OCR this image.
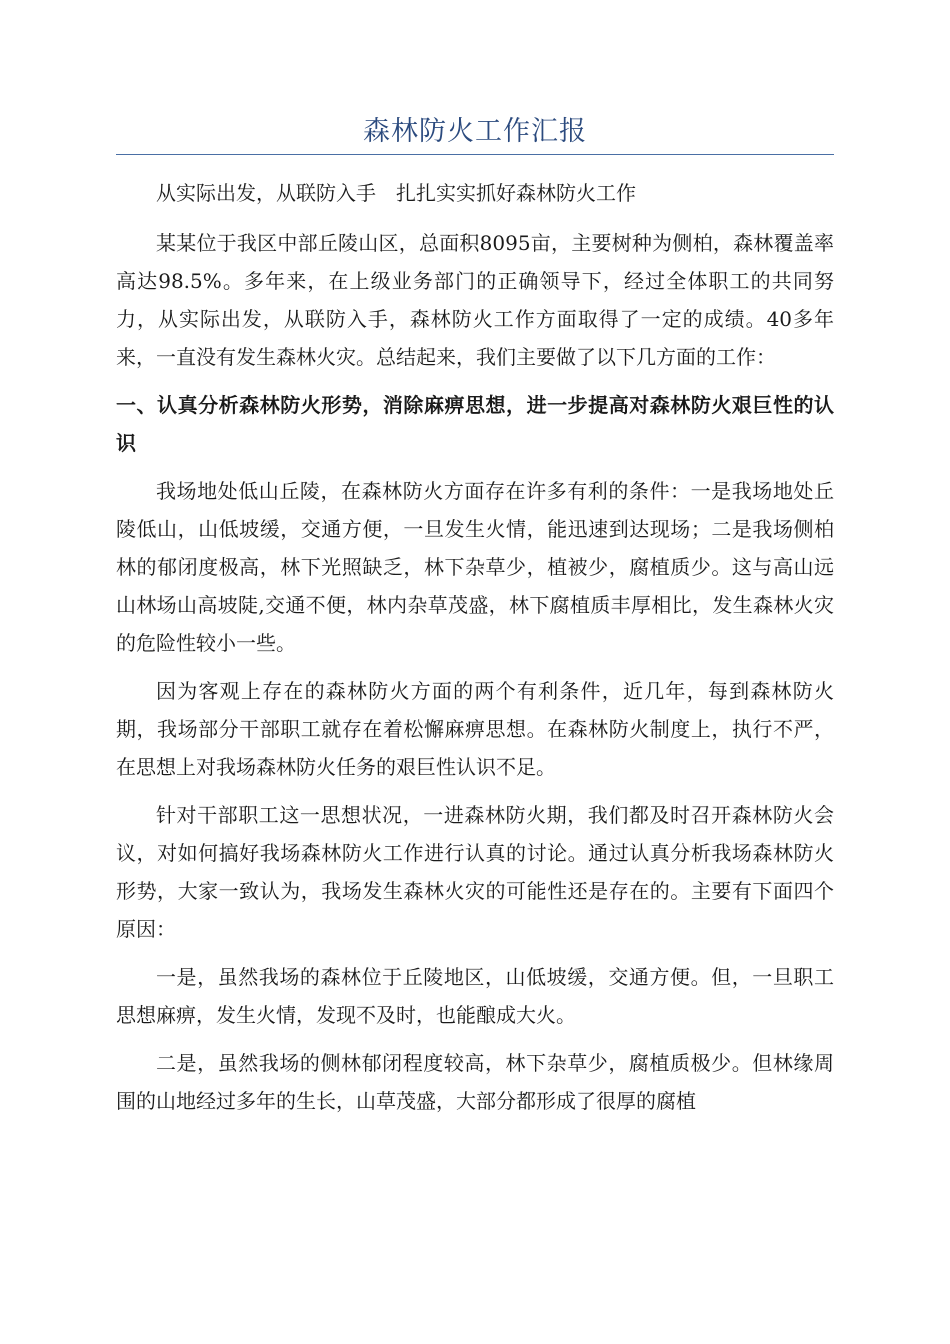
森林防火工作汇报

从实际出发，从联防入手　扎扎实实抓好森林防火工作

某某位于我区中部丘陵山区，总面积8095亩，主要树种为侧柏，森林覆盖率高达98.5%。多年来，在上级业务部门的正确领导下，经过全体职工的共同努力，从实际出发，从联防入手，森林防火工作方面取得了一定的成绩。40多年来，一直没有发生森林火灾。总结起来，我们主要做了以下几方面的工作：

一、认真分析森林防火形势，消除麻痹思想，进一步提高对森林防火艰巨性的认识

我场地处低山丘陵，在森林防火方面存在许多有利的条件：一是我场地处丘陵低山，山低坡缓，交通方便，一旦发生火情，能迅速到达现场；二是我场侧柏林的郁闭度极高，林下光照缺乏，林下杂草少，植被少，腐植质少。这与高山远山林场山高坡陡,交通不便，林内杂草茂盛，林下腐植质丰厚相比，发生森林火灾的危险性较小一些。

因为客观上存在的森林防火方面的两个有利条件，近几年，每到森林防火期，我场部分干部职工就存在着松懈麻痹思想。在森林防火制度上，执行不严，在思想上对我场森林防火任务的艰巨性认识不足。

针对干部职工这一思想状况，一进森林防火期，我们都及时召开森林防火会议，对如何搞好我场森林防火工作进行认真的讨论。通过认真分析我场森林防火形势，大家一致认为，我场发生森林火灾的可能性还是存在的。主要有下面四个原因：

一是，虽然我场的森林位于丘陵地区，山低坡缓，交通方便。但，一旦职工思想麻痹，发生火情，发现不及时，也能酿成大火。

二是，虽然我场的侧林郁闭程度较高，林下杂草少，腐植质极少。但林缘周围的山地经过多年的生长，山草茂盛，大部分都形成了很厚的腐植
